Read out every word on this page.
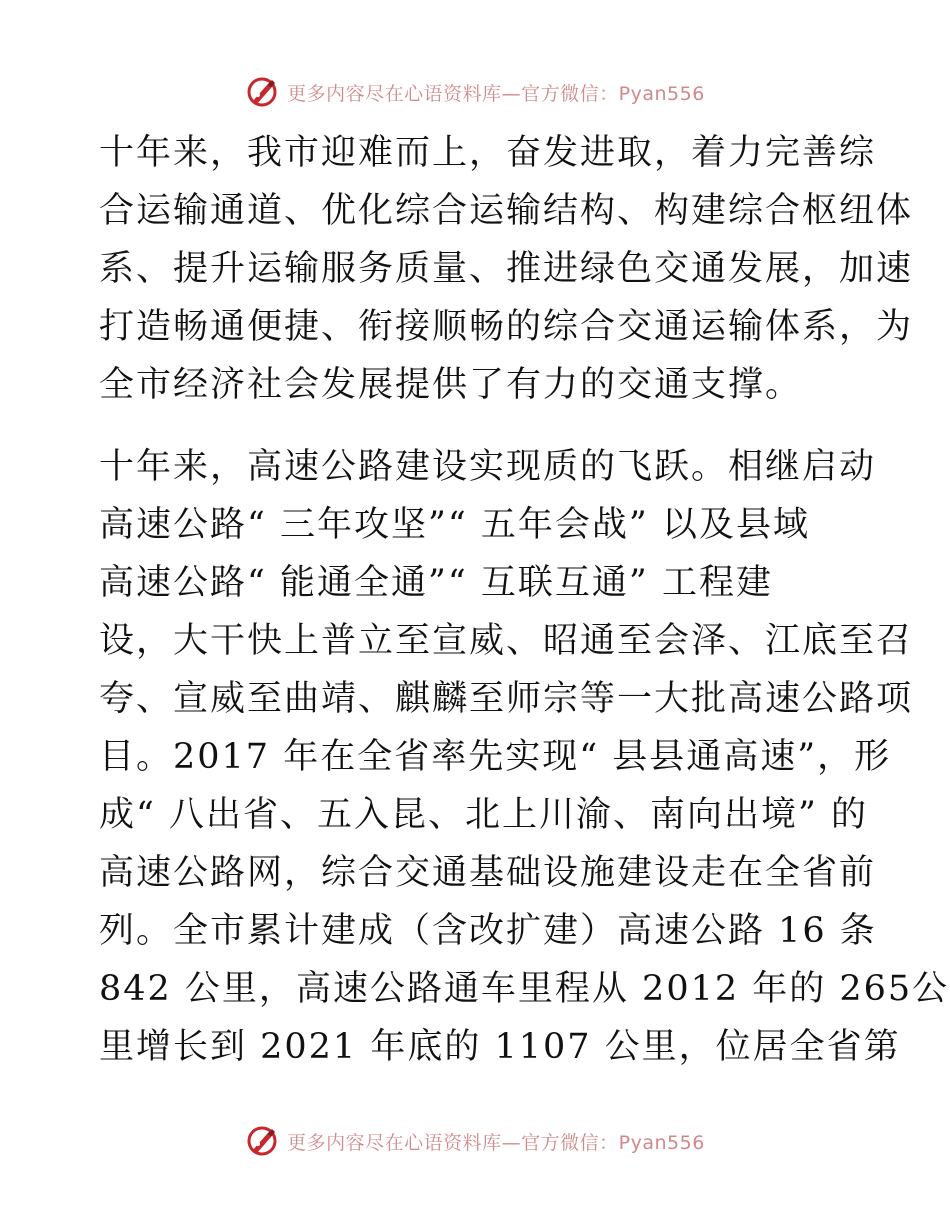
更多内容尽在心语资料库—官方微信：Pyan556
十年来，我市迎难而上，奋发进取，着力完善综
合运输通道、优化综合运输结构、构建综合枢纽体
系、提升运输服务质量、推进绿色交通发展，加速
打造畅通便捷、衔接顺畅的综合交通运输体系，为
全市经济社会发展提供了有力的交通支撑。
十年来，高速公路建设实现质的飞跃。相继启动
高速公路“ 三年攻坚”“ 五年会战” 以及县域
高速公路“ 能通全通”“ 互联互通” 工程建
设，大干快上普立至宣威、昭通至会泽、江底至召
夸、宣威至曲靖、麒麟至师宗等一大批高速公路项
目。2017 年在全省率先实现“ 县县通高速”，形
成“ 八出省、五入昆、北上川渝、南向出境” 的
高速公路网，综合交通基础设施建设走在全省前
列。全市累计建成（含改扩建）高速公路 16 条
842 公里，高速公路通车里程从 2012 年的 265公
里增长到 2021 年底的 1107 公里，位居全省第
更多内容尽在心语资料库—官方微信：Pyan556
